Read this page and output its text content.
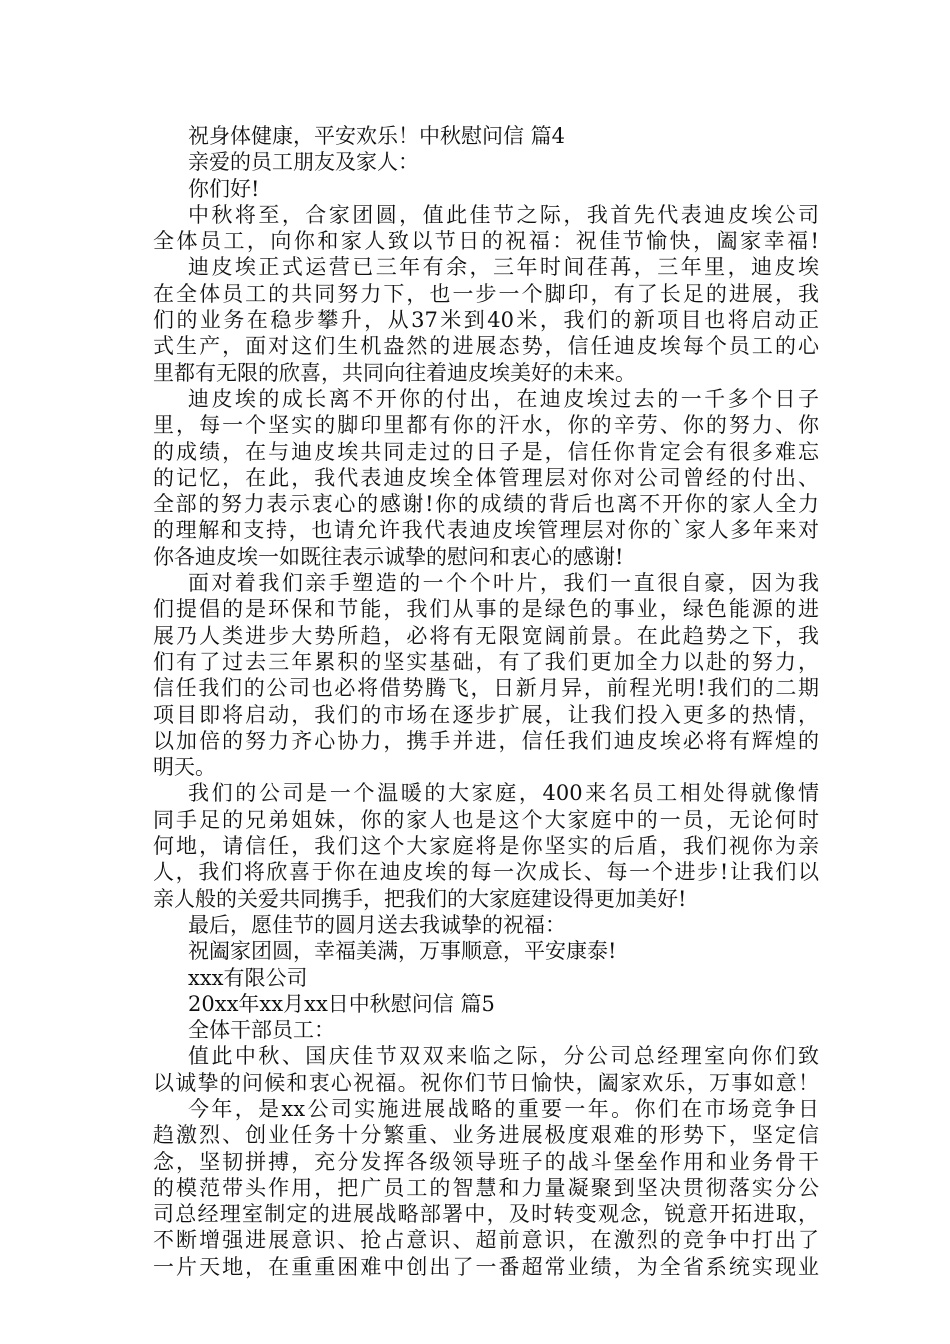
祝身体健康，平安欢乐！中秋慰问信 篇4
亲爱的员工朋友及家人：
你们好!
中秋将至，合家团圆，值此佳节之际，我首先代表迪皮埃公司
全体员工，向你和家人致以节日的祝福：祝佳节愉快，阖家幸福!
迪皮埃正式运营已三年有余，三年时间荏苒，三年里，迪皮埃
在全体员工的共同努力下，也一步一个脚印，有了长足的进展，我
们的业务在稳步攀升，从37米到40米，我们的新项目也将启动正
式生产，面对这们生机盎然的进展态势，信任迪皮埃每个员工的心
里都有无限的欣喜，共同向往着迪皮埃美好的未来。
迪皮埃的成长离不开你的付出，在迪皮埃过去的一千多个日子
里，每一个坚实的脚印里都有你的汗水，你的辛劳、你的努力、你
的成绩，在与迪皮埃共同走过的日子是，信任你肯定会有很多难忘
的记忆，在此，我代表迪皮埃全体管理层对你对公司曾经的付出、
全部的努力表示衷心的感谢!你的成绩的背后也离不开你的家人全力
的理解和支持，也请允许我代表迪皮埃管理层对你的`家人多年来对
你各迪皮埃一如既往表示诚挚的慰问和衷心的感谢!
面对着我们亲手塑造的一个个叶片，我们一直很自豪，因为我
们提倡的是环保和节能，我们从事的是绿色的事业，绿色能源的进
展乃人类进步大势所趋，必将有无限宽阔前景。在此趋势之下，我
们有了过去三年累积的坚实基础，有了我们更加全力以赴的努力，
信任我们的公司也必将借势腾飞，日新月异，前程光明!我们的二期
项目即将启动，我们的市场在逐步扩展，让我们投入更多的热情，
以加倍的努力齐心协力，携手并进，信任我们迪皮埃必将有辉煌的
明天。
我们的公司是一个温暖的大家庭，400来名员工相处得就像情
同手足的兄弟姐妹，你的家人也是这个大家庭中的一员，无论何时
何地，请信任，我们这个大家庭将是你坚实的后盾，我们视你为亲
人，我们将欣喜于你在迪皮埃的每一次成长、每一个进步!让我们以
亲人般的关爱共同携手，把我们的大家庭建设得更加美好!
最后，愿佳节的圆月送去我诚挚的祝福：
祝阖家团圆，幸福美满，万事顺意，平安康泰!
xxx有限公司
20xx年xx月xx日中秋慰问信 篇5
全体干部员工：
值此中秋、国庆佳节双双来临之际，分公司总经理室向你们致
以诚挚的问候和衷心祝福。祝你们节日愉快，阖家欢乐，万事如意！
今年，是xx公司实施进展战略的重要一年。你们在市场竞争日
趋激烈、创业任务十分繁重、业务进展极度艰难的形势下，坚定信
念，坚韧拼搏，充分发挥各级领导班子的战斗堡垒作用和业务骨干
的模范带头作用，把广员工的智慧和力量凝聚到坚决贯彻落实分公
司总经理室制定的进展战略部署中，及时转变观念，锐意开拓进取，
不断增强进展意识、抢占意识、超前意识，在激烈的竞争中打出了
一片天地，在重重困难中创出了一番超常业绩，为全省系统实现业
